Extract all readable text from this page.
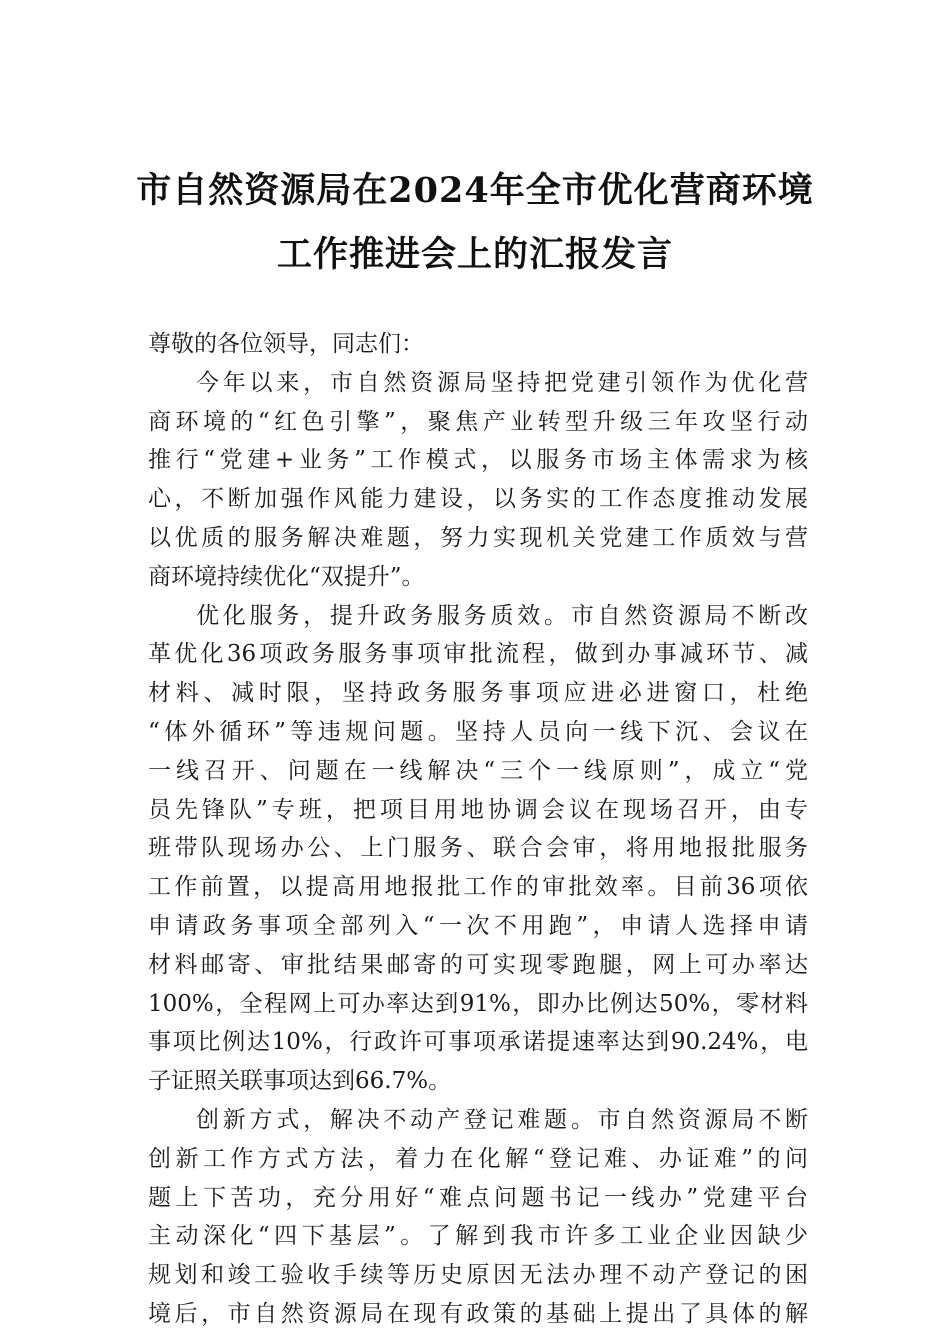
市自然资源局在2024年全市优化营商环境
工作推进会上的汇报发言
尊敬的各位领导，同志们：
今年以来，市自然资源局坚持把党建引领作为优化营
商环境的“红色引擎”，聚焦产业转型升级三年攻坚行动
推行“党建+业务”工作模式，以服务市场主体需求为核
心，不断加强作风能力建设，以务实的工作态度推动发展
以优质的服务解决难题，努力实现机关党建工作质效与营
商环境持续优化“双提升”。
优化服务，提升政务服务质效。市自然资源局不断改
革优化36项政务服务事项审批流程，做到办事减环节、减
材料、减时限，坚持政务服务事项应进必进窗口，杜绝
“体外循环”等违规问题。坚持人员向一线下沉、会议在
一线召开、问题在一线解决“三个一线原则”，成立“党
员先锋队”专班，把项目用地协调会议在现场召开，由专
班带队现场办公、上门服务、联合会审，将用地报批服务
工作前置，以提高用地报批工作的审批效率。目前36项依
申请政务事项全部列入“一次不用跑”，申请人选择申请
材料邮寄、审批结果邮寄的可实现零跑腿，网上可办率达
100%，全程网上可办率达到91%，即办比例达50%，零材料
事项比例达10%，行政许可事项承诺提速率达到90.24%，电
子证照关联事项达到66.7%。
创新方式，解决不动产登记难题。市自然资源局不断
创新工作方式方法，着力在化解“登记难、办证难”的问
题上下苦功，充分用好“难点问题书记一线办”党建平台
主动深化“四下基层”。了解到我市许多工业企业因缺少
规划和竣工验收手续等历史原因无法办理不动产登记的困
境后，市自然资源局在现有政策的基础上提出了具体的解
